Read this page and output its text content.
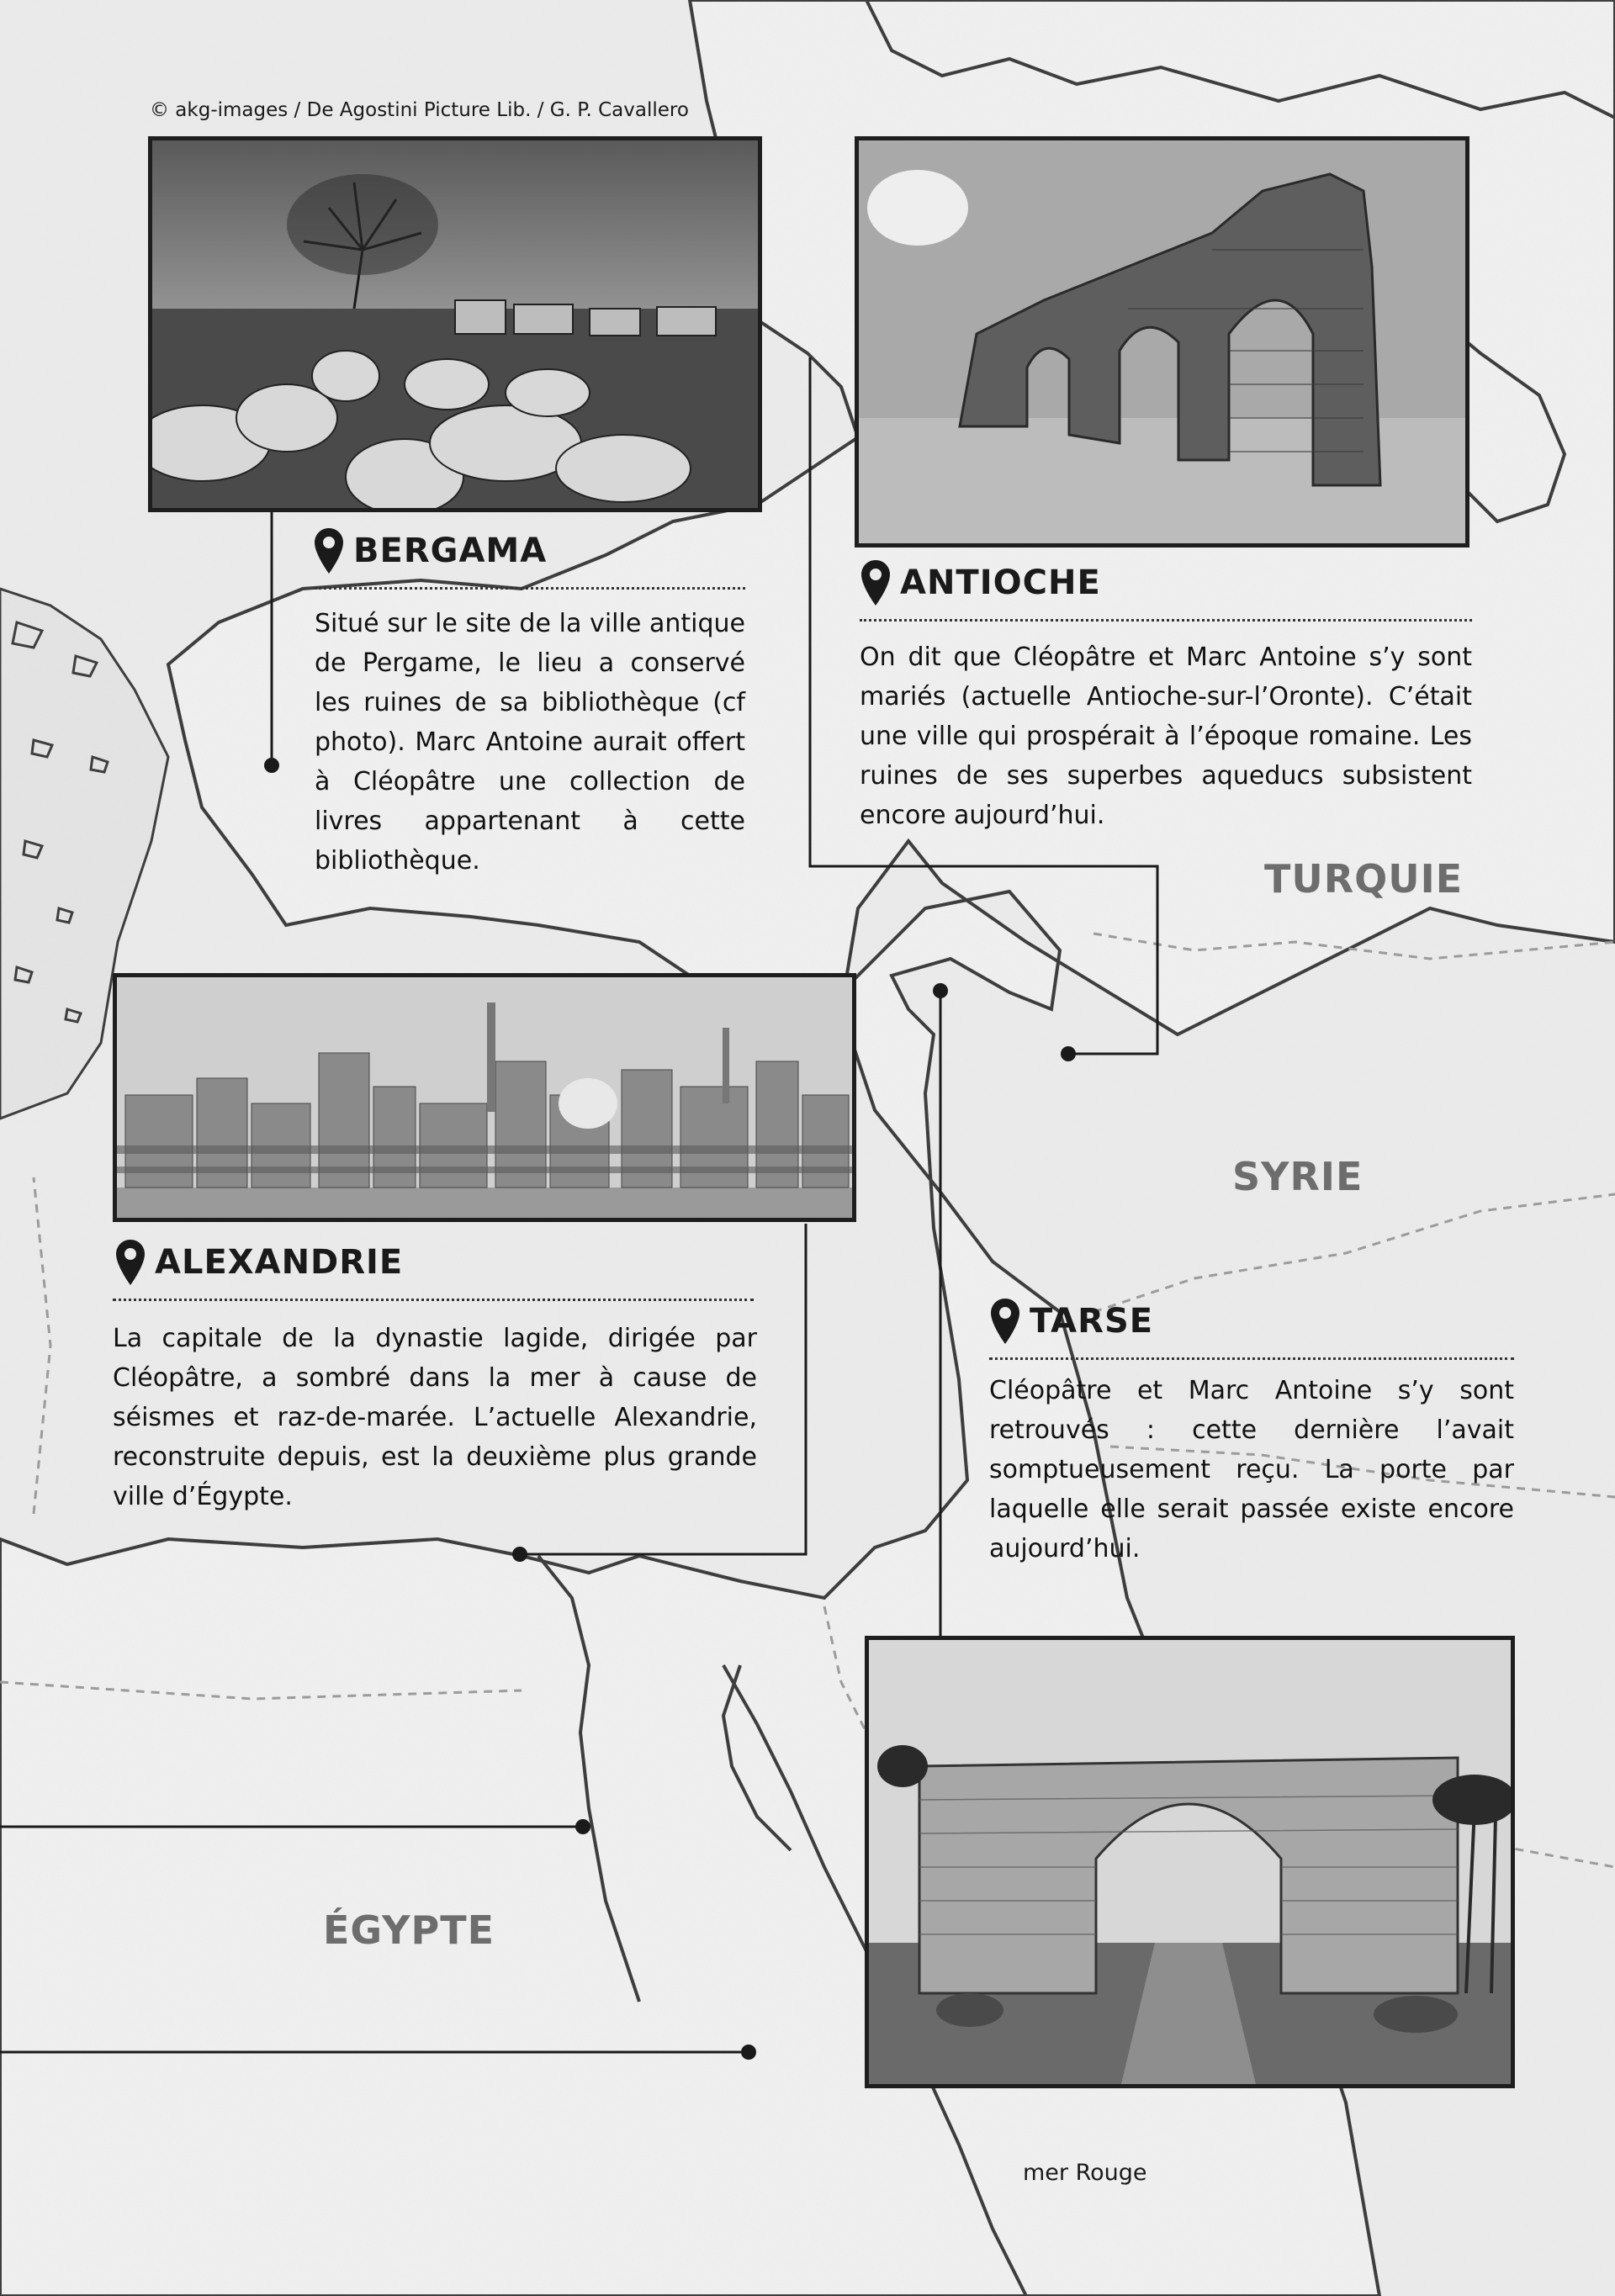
© akg-images / De Agostini Picture Lib. / G. P. Cavallero
BERGAMA
Situé sur le site de la ville antique de Pergame, le lieu a conservé les ruines de sa bibliothèque (cf photo). Marc Antoine aurait offert à Cléopâtre une collection de livres appartenant à cette bibliothèque.
ANTIOCHE
On dit que Cléopâtre et Marc Antoine s’y sont mariés (actuelle Antioche-sur-l’Oronte). C’était une ville qui prospérait à l’époque romaine. Les ruines de ses superbes aqueducs subsistent encore aujourd’hui.
ALEXANDRIE
La capitale de la dynastie lagide, dirigée par Cléopâtre, a sombré dans la mer à cause de séismes et raz-de-marée. L’actuelle Alexandrie, reconstruite depuis, est la deuxième plus grande ville d’Égypte.
TARSE
Cléopâtre et Marc Antoine s’y sont retrouvés : cette dernière l’avait somptueusement reçu. La porte par laquelle elle serait passée existe encore aujourd’hui.
TURQUIE
SYRIE
ÉGYPTE
mer Rouge
